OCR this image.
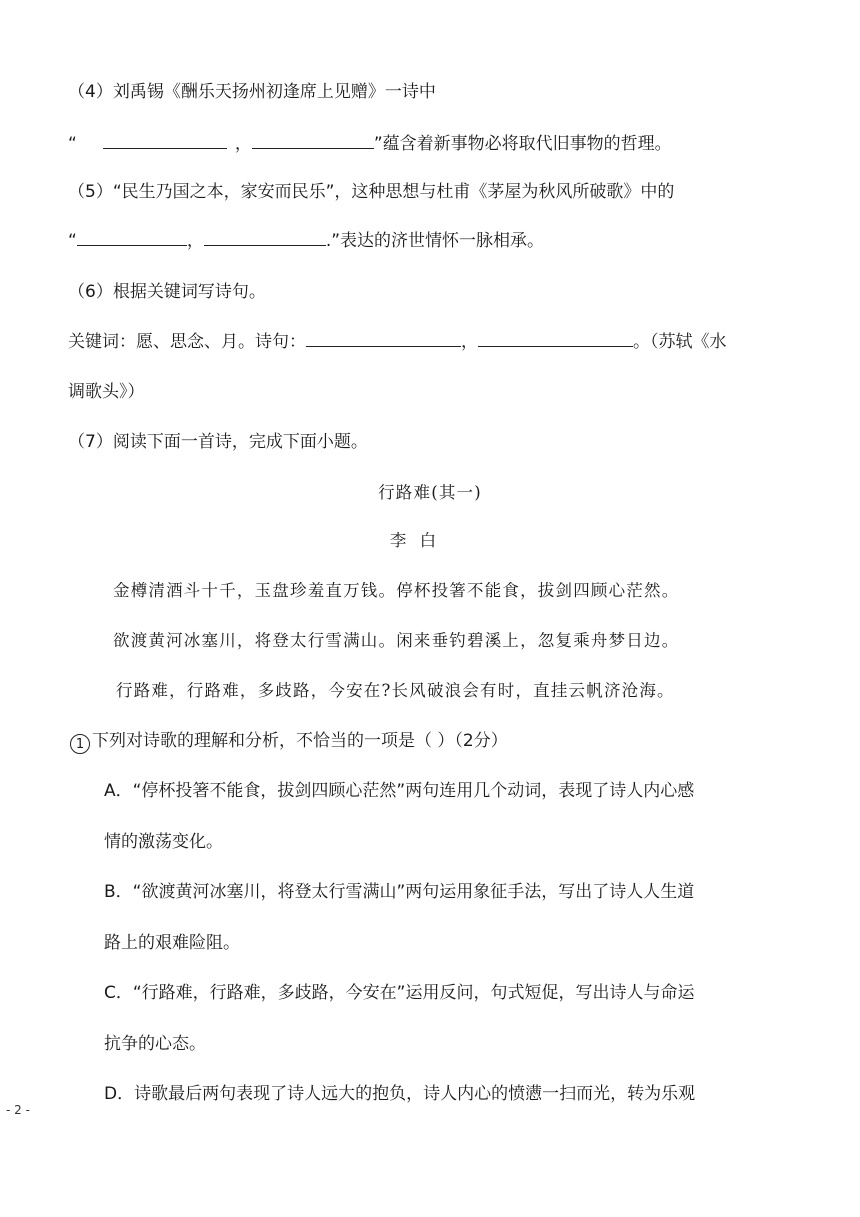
（4）刘禹锡《酬乐天扬州初逢席上见赠》一诗中
“	，	”蕴含着新事物必将取代旧事物的哲理。
（5）“民生乃国之本，家安而民乐”，这种思想与杜甫《茅屋为秋风所破歌》中的
“	，	.”表达的济世情怀一脉相承。
（6）根据关键词写诗句。
关键词：愿、思念、月。诗句：	，	。（苏轼《水
调歌头》）
（7）阅读下面一首诗，完成下面小题。
行路难(其一)
李 白
金樽清酒斗十千，玉盘珍羞直万钱。停杯投箸不能食，拔剑四顾心茫然。
欲渡黄河冰塞川，将登太行雪满山。闲来垂钓碧溪上，忽复乘舟梦日边。
行路难，行路难，多歧路，今安在?长风破浪会有时，直挂云帆济沧海。
1 下列对诗歌的理解和分析，不恰当的一项是（ ）（2分）
A．“停杯投箸不能食，拔剑四顾心茫然”两句连用几个动词，表现了诗人内心感
情的激荡变化。
B．“欲渡黄河冰塞川，将登太行雪满山”两句运用象征手法，写出了诗人人生道
路上的艰难险阻。
C．“行路难，行路难，多歧路，今安在”运用反问，句式短促，写出诗人与命运
抗争的心态。
D．诗歌最后两句表现了诗人远大的抱负，诗人内心的愤懑一扫而光，转为乐观
- 2 -
